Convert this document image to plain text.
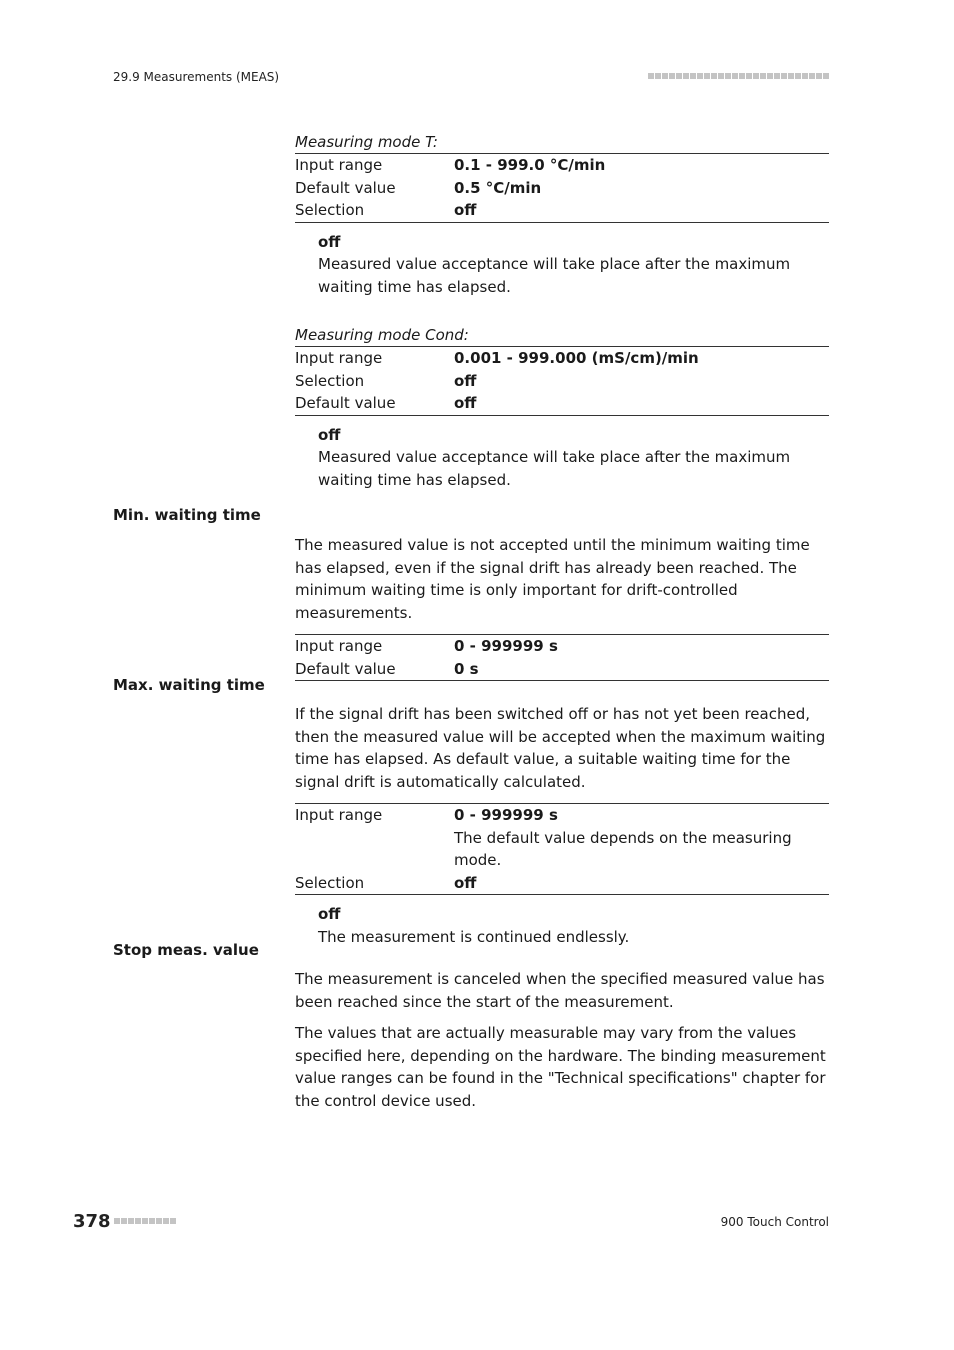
29.9 Measurements (MEAS)
Measuring mode T:
Input range	0.1 - 999.0 °C/min
Default value	0.5 °C/min
Selection	off
off

Measured value acceptance will take place after the maximum waiting time has elapsed.

Measuring mode Cond:
Input range	0.001 - 999.000 (mS/cm)/min
Selection	off
Default value	off
off

Measured value acceptance will take place after the maximum waiting time has elapsed.

Min. waiting time

The measured value is not accepted until the minimum waiting time has elapsed, even if the signal drift has already been reached. The minimum waiting time is only important for drift-controlled measurements.

Input range	0 - 999999 s
Default value	0 s
Max. waiting time

If the signal drift has been switched off or has not yet been reached, then the measured value will be accepted when the maximum waiting time has elapsed. As default value, a suitable waiting time for the signal drift is automatically calculated.

Input range	0 - 999999 s
	The default value depends on the measuring mode.
Selection	off
off

The measurement is continued endlessly.

Stop meas. value

The measurement is canceled when the specified measured value has been reached since the start of the measurement.

The values that are actually measurable may vary from the values specified here, depending on the hardware. The binding measurement value ranges can be found in the "Technical specifications" chapter for the control device used.

378	900 Touch Control
